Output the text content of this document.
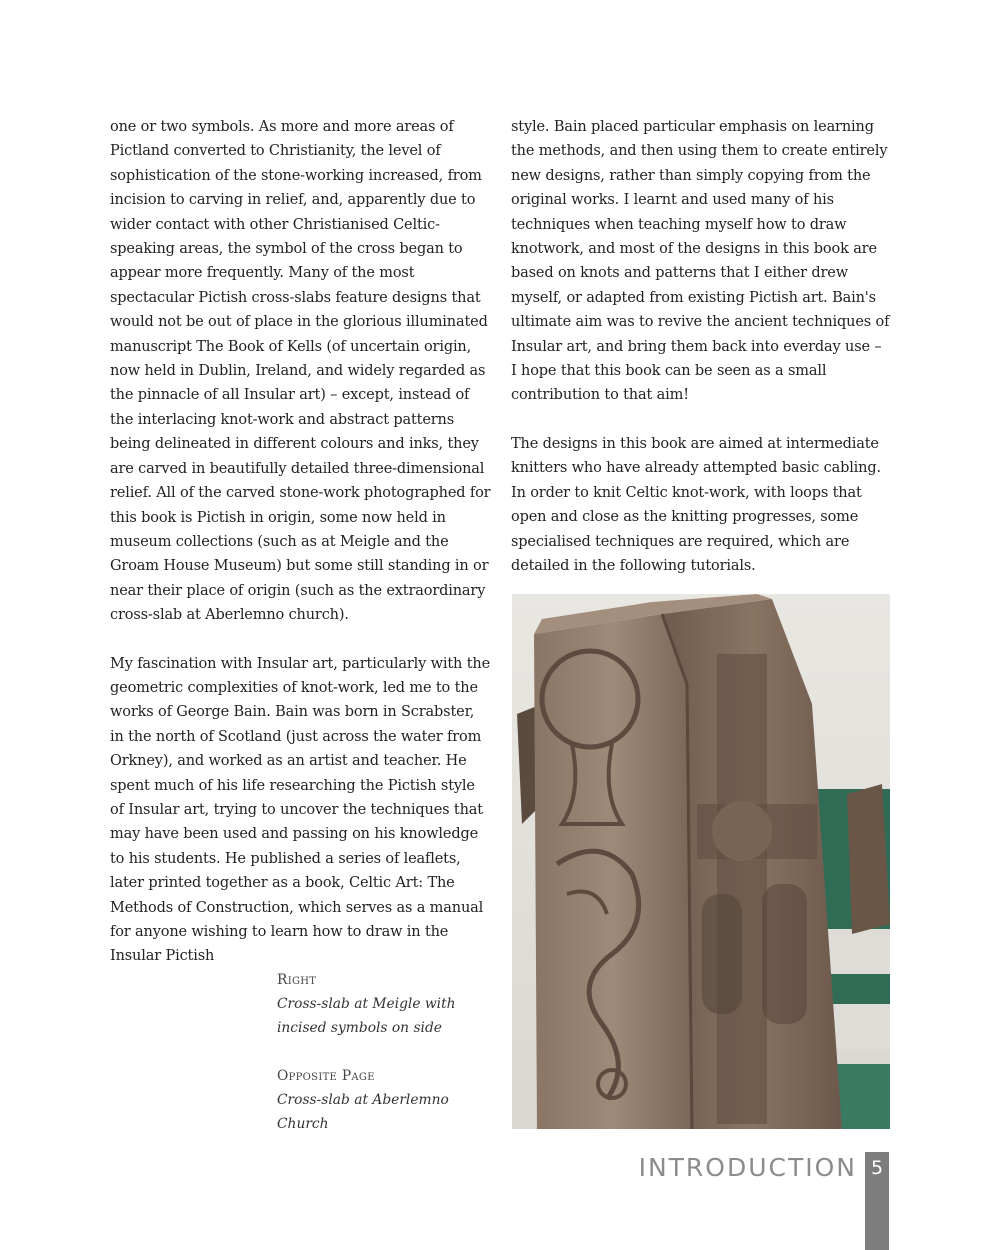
one or two symbols. As more and more areas of Pictland converted to Christianity, the level of sophistication of the stone-working increased, from incision to carving in relief, and, apparently due to wider contact with other Christianised Celtic-speaking areas, the symbol of the cross began to appear more frequently. Many of the most spectacular Pictish cross-slabs feature designs that would not be out of place in the glorious illuminated manuscript The Book of Kells (of uncertain origin, now held in Dublin, Ireland, and widely regarded as the pinnacle of all Insular art) – except, instead of the interlacing knot-work and abstract patterns being delineated in different colours and inks, they are carved in beautifully detailed three-dimensional relief. All of the carved stone-work photographed for this book is Pictish in origin, some now held in museum collections (such as at Meigle and the Groam House Museum) but some still standing in or near their place of origin (such as the extraordinary cross-slab at Aberlemno church).

My fascination with Insular art, particularly with the geometric complexities of knot-work, led me to the works of George Bain. Bain was born in Scrabster, in the north of Scotland (just across the water from Orkney), and worked as an artist and teacher. He spent much of his life researching the Pictish style of Insular art, trying to uncover the techniques that may have been used and passing on his knowledge to his students. He published a series of leaflets, later printed together as a book, Celtic Art: The Methods of Construction, which serves as a manual for anyone wishing to learn how to draw in the Insular Pictish

style. Bain placed particular emphasis on learning the methods, and then using them to create entirely new designs, rather than simply copying from the original works. I learnt and used many of his techniques when teaching myself how to draw knotwork, and most of the designs in this book are based on knots and patterns that I either drew myself, or adapted from existing Pictish art. Bain's ultimate aim was to revive the ancient techniques of Insular art, and bring them back into everday use – I hope that this book can be seen as a small contribution to that aim!

The designs in this book are aimed at intermediate knitters who have already attempted basic cabling. In order to knit Celtic knot-work, with loops that open and close as the knitting progresses, some specialised techniques are required, which are detailed in the following tutorials.

Right
Cross-slab at Meigle with incised symbols on side
Opposite Page
Cross-slab at Aberlemno Church
INTRODUCTION 5
